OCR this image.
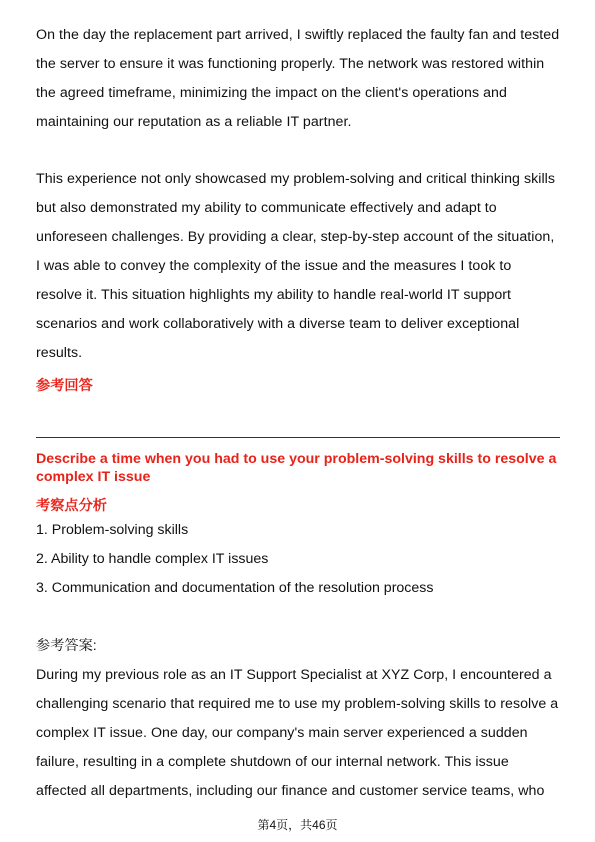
On the day the replacement part arrived, I swiftly replaced the faulty fan and tested the server to ensure it was functioning properly. The network was restored within the agreed timeframe, minimizing the impact on the client's operations and maintaining our reputation as a reliable IT partner.

This experience not only showcased my problem-solving and critical thinking skills but also demonstrated my ability to communicate effectively and adapt to unforeseen challenges. By providing a clear, step-by-step account of the situation, I was able to convey the complexity of the issue and the measures I took to resolve it. This situation highlights my ability to handle real-world IT support scenarios and work collaboratively with a diverse team to deliver exceptional results.

参考回答

Describe a time when you had to use your problem-solving skills to resolve a complex IT issue

考察点分析

1. Problem-solving skills
2. Ability to handle complex IT issues
3. Communication and documentation of the resolution process

参考答案:

During my previous role as an IT Support Specialist at XYZ Corp, I encountered a challenging scenario that required me to use my problem-solving skills to resolve a complex IT issue. One day, our company's main server experienced a sudden failure, resulting in a complete shutdown of our internal network. This issue affected all departments, including our finance and customer service teams, who

第4页，共46页
